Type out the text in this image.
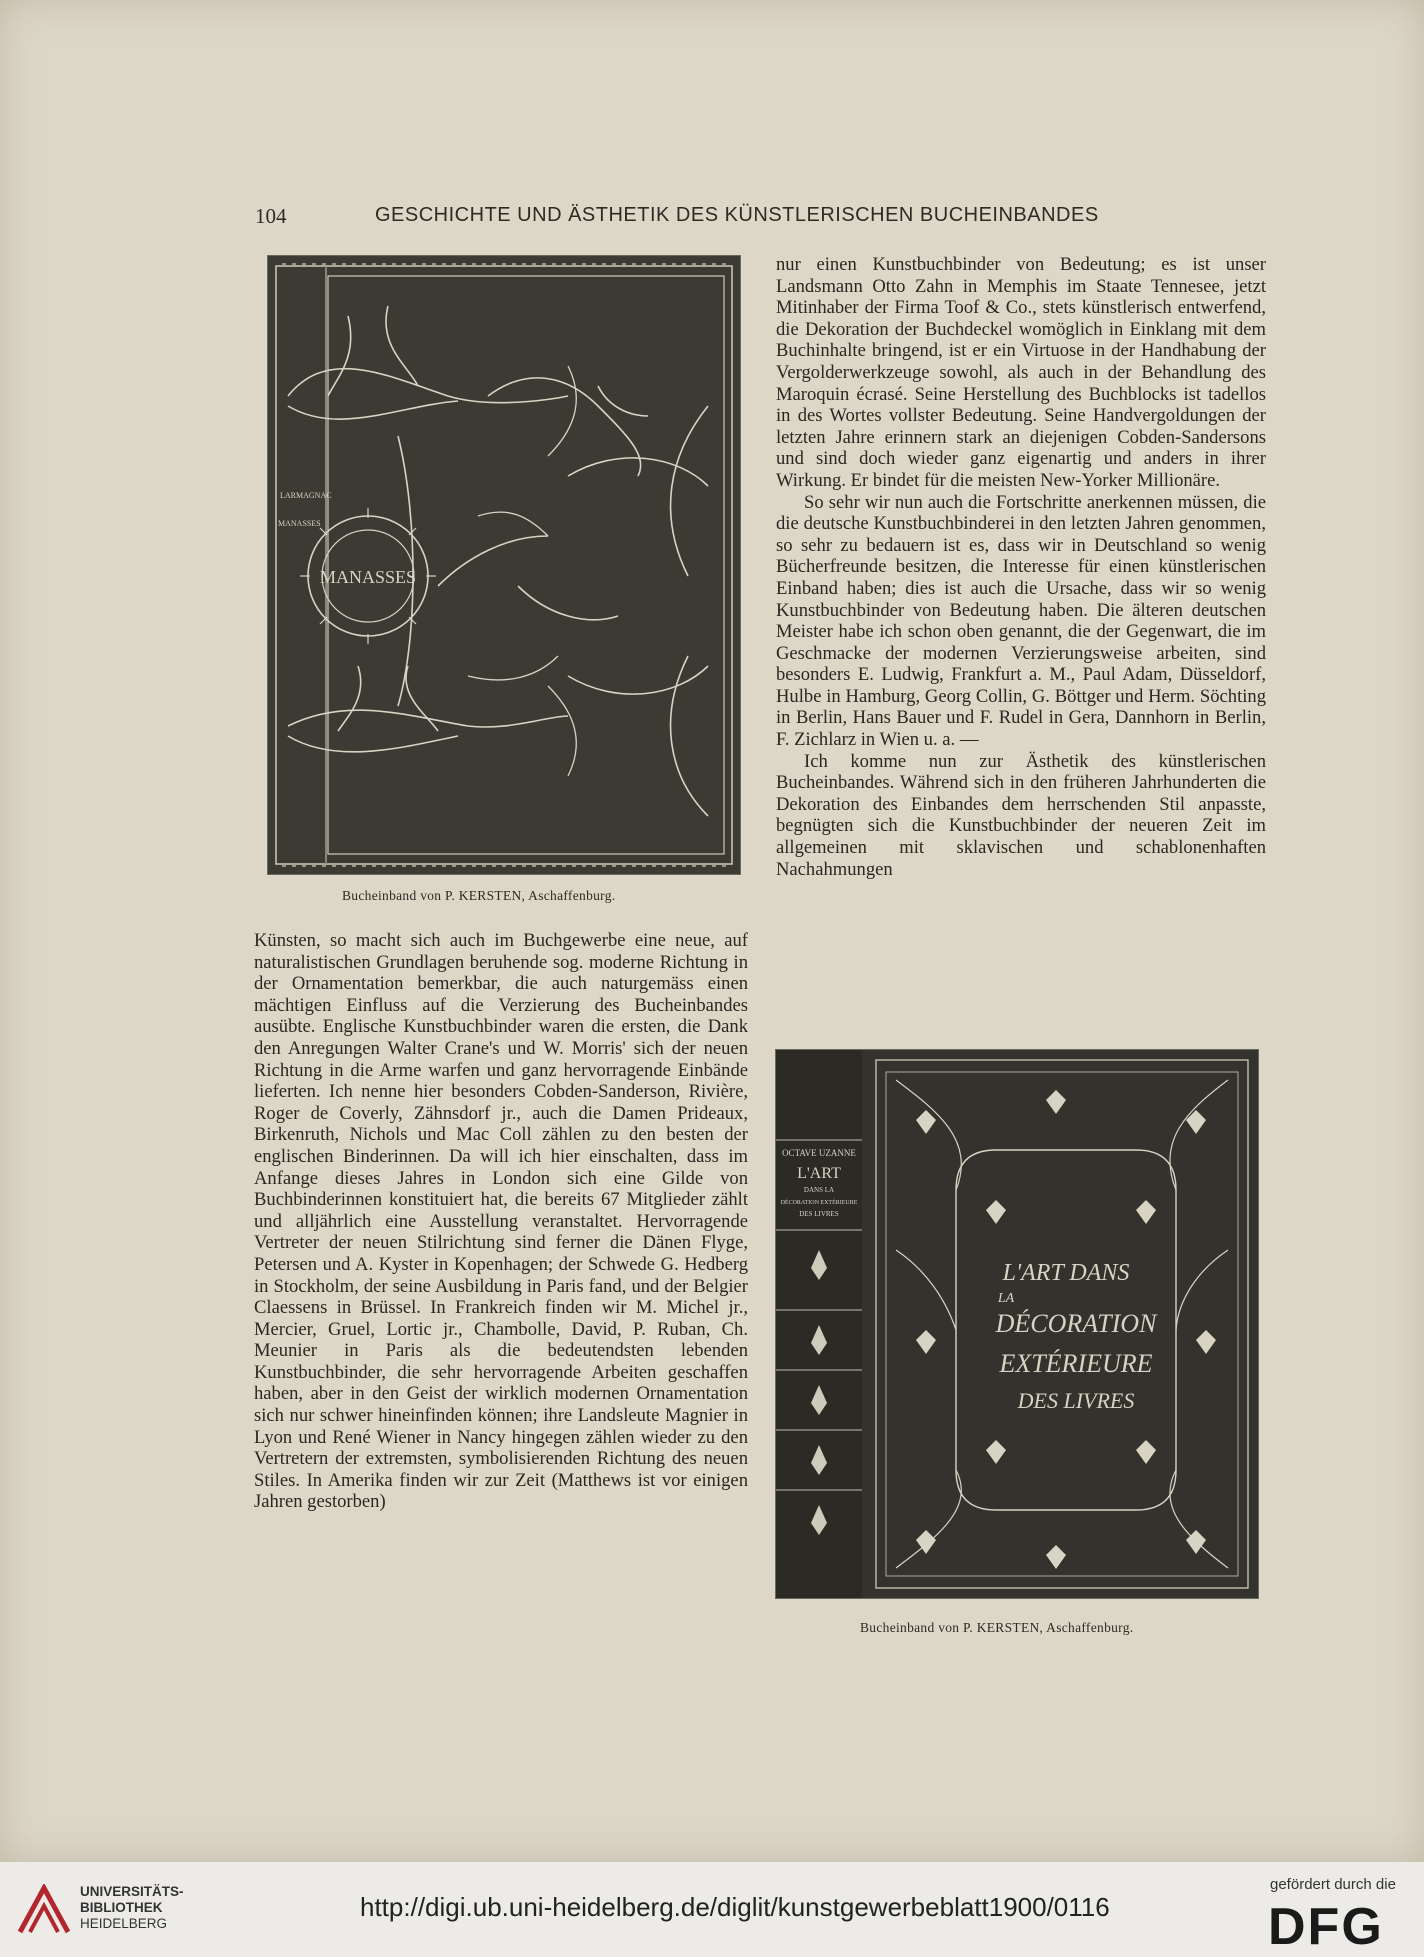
104	GESCHICHTE UND ÄSTHETIK DES KÜNSTLERISCHEN BUCHEINBANDES
LARMAGNAC
MANASSES
MANASSES
Bucheinband von P. KERSTEN, Aschaffenburg.

nur einen Kunstbuchbinder von Bedeutung; es ist unser Landsmann Otto Zahn in Memphis im Staate Tennesee, jetzt Mitinhaber der Firma Toof & Co., stets künstlerisch entwerfend, die Dekoration der Buchdeckel womöglich in Einklang mit dem Buchinhalte bringend, ist er ein Virtuose in der Handhabung der Vergolderwerkzeuge sowohl, als auch in der Behandlung des Maroquin écrasé. Seine Herstellung des Buchblocks ist tadellos in des Wortes vollster Bedeutung. Seine Handvergoldungen der letzten Jahre erinnern stark an diejenigen Cobden-Sandersons und sind doch wieder ganz eigenartig und anders in ihrer Wirkung. Er bindet für die meisten New-Yorker Millionäre.

So sehr wir nun auch die Fortschritte anerkennen müssen, die die deutsche Kunstbuchbinderei in den letzten Jahren genommen, so sehr zu bedauern ist es, dass wir in Deutschland so wenig Bücherfreunde besitzen, die Interesse für einen künstlerischen Einband haben; dies ist auch die Ursache, dass wir so wenig Kunstbuchbinder von Bedeutung haben. Die älteren deutschen Meister habe ich schon oben genannt, die der Gegenwart, die im Geschmacke der modernen Verzierungsweise arbeiten, sind besonders E. Ludwig, Frankfurt a. M., Paul Adam, Düsseldorf, Hulbe in Hamburg, Georg Collin, G. Böttger und Herm. Söchting in Berlin, Hans Bauer und F. Rudel in Gera, Dannhorn in Berlin, F. Zichlarz in Wien u. a. —

Ich komme nun zur Ästhetik des künstlerischen Bucheinbandes. Während sich in den früheren Jahrhunderten die Dekoration des Einbandes dem herrschenden Stil anpasste, begnügten sich die Kunstbuchbinder der neueren Zeit im allgemeinen mit sklavischen und schablonenhaften Nachahmungen

Künsten, so macht sich auch im Buchgewerbe eine neue, auf naturalistischen Grundlagen beruhende sog. moderne Richtung in der Ornamentation bemerkbar, die auch naturgemäss einen mächtigen Einfluss auf die Verzierung des Bucheinbandes ausübte. Englische Kunstbuchbinder waren die ersten, die Dank den Anregungen Walter Crane's und W. Morris' sich der neuen Richtung in die Arme warfen und ganz hervorragende Einbände lieferten. Ich nenne hier besonders Cobden-Sanderson, Rivière, Roger de Coverly, Zähnsdorf jr., auch die Damen Prideaux, Birkenruth, Nichols und Mac Coll zählen zu den besten der englischen Binderinnen. Da will ich hier einschalten, dass im Anfange dieses Jahres in London sich eine Gilde von Buchbinderinnen konstituiert hat, die bereits 67 Mitglieder zählt und alljährlich eine Ausstellung veranstaltet. Hervorragende Vertreter der neuen Stilrichtung sind ferner die Dänen Flyge, Petersen und A. Kyster in Kopenhagen; der Schwede G. Hedberg in Stockholm, der seine Ausbildung in Paris fand, und der Belgier Claessens in Brüssel. In Frankreich finden wir M. Michel jr., Mercier, Gruel, Lortic jr., Chambolle, David, P. Ruban, Ch. Meunier in Paris als die bedeutendsten lebenden Kunstbuchbinder, die sehr hervorragende Arbeiten geschaffen haben, aber in den Geist der wirklich modernen Ornamentation sich nur schwer hineinfinden können; ihre Landsleute Magnier in Lyon und René Wiener in Nancy hingegen zählen wieder zu den Vertretern der extremsten, symbolisierenden Richtung des neuen Stiles. In Amerika finden wir zur Zeit (Matthews ist vor einigen Jahren gestorben)

OCTAVE UZANNE
L'ART
DANS LA
DÉCORATION EXTÉRIEURE
DES LIVRES
L'ART DANS
LA
DÉCORATION
EXTÉRIEURE
DES LIVRES
Bucheinband von P. KERSTEN, Aschaffenburg.
UNIVERSITÄTS-
BIBLIOTHEK
HEIDELBERG
http://digi.ub.uni-heidelberg.de/diglit/kunstgewerbeblatt1900/0116
gefördert durch die
DFG
